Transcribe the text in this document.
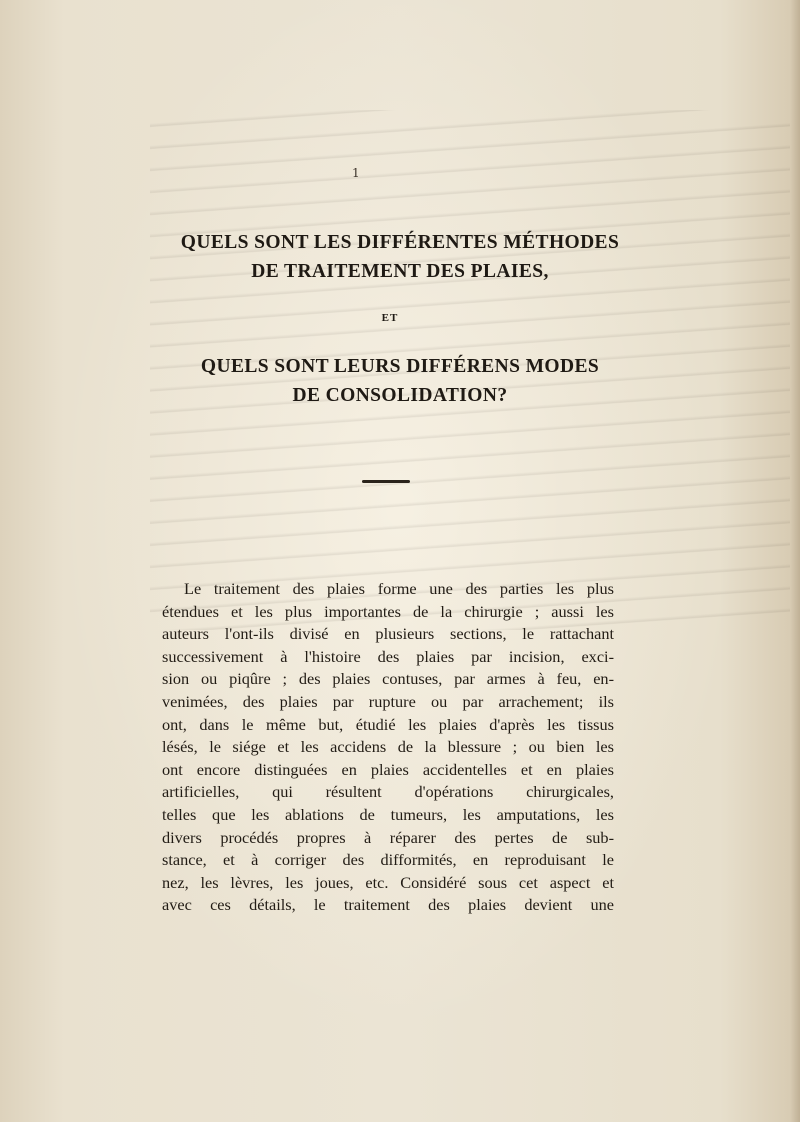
1
QUELS SONT LES DIFFÉRENTES MÉTHODES
DE TRAITEMENT DES PLAIES,
ET
QUELS SONT LEURS DIFFÉRENS MODES
DE CONSOLIDATION?
Le traitement des plaies forme une des parties les plus
étendues et les plus importantes de la chirurgie ; aussi les
auteurs l'ont-ils divisé en plusieurs sections, le rattachant
successivement à l'histoire des plaies par incision, exci-
sion ou piqûre ; des plaies contuses, par armes à feu, en-
venimées, des plaies par rupture ou par arrachement; ils
ont, dans le même but, étudié les plaies d'après les tissus
lésés, le siége et les accidens de la blessure ; ou bien les
ont encore distinguées en plaies accidentelles et en plaies
artificielles, qui résultent d'opérations chirurgicales,
telles que les ablations de tumeurs, les amputations, les
divers procédés propres à réparer des pertes de sub-
stance, et à corriger des difformités, en reproduisant le
nez, les lèvres, les joues, etc. Considéré sous cet aspect et
avec ces détails, le traitement des plaies devient une
